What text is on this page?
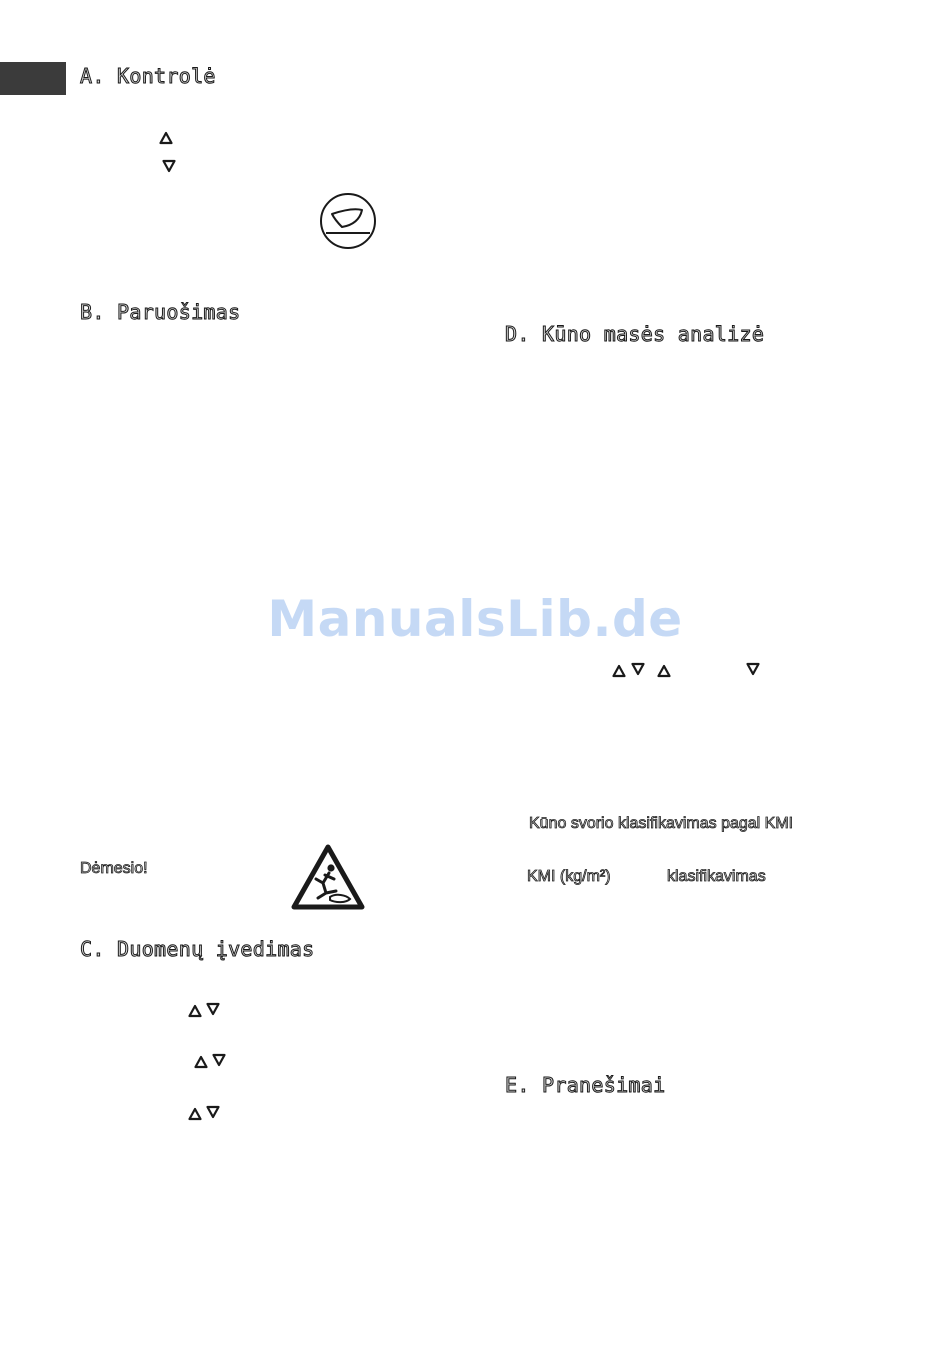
A. Kontrolė
B. Paruošimas
Dėmesio!
C. Duomenų įvedimas
D. Kūno masės analizė
Kūno svorio klasifikavimas pagal KMI
KMI (kg/m²)	klasifikavimas
E. Pranešimai
ManualsLib.de
